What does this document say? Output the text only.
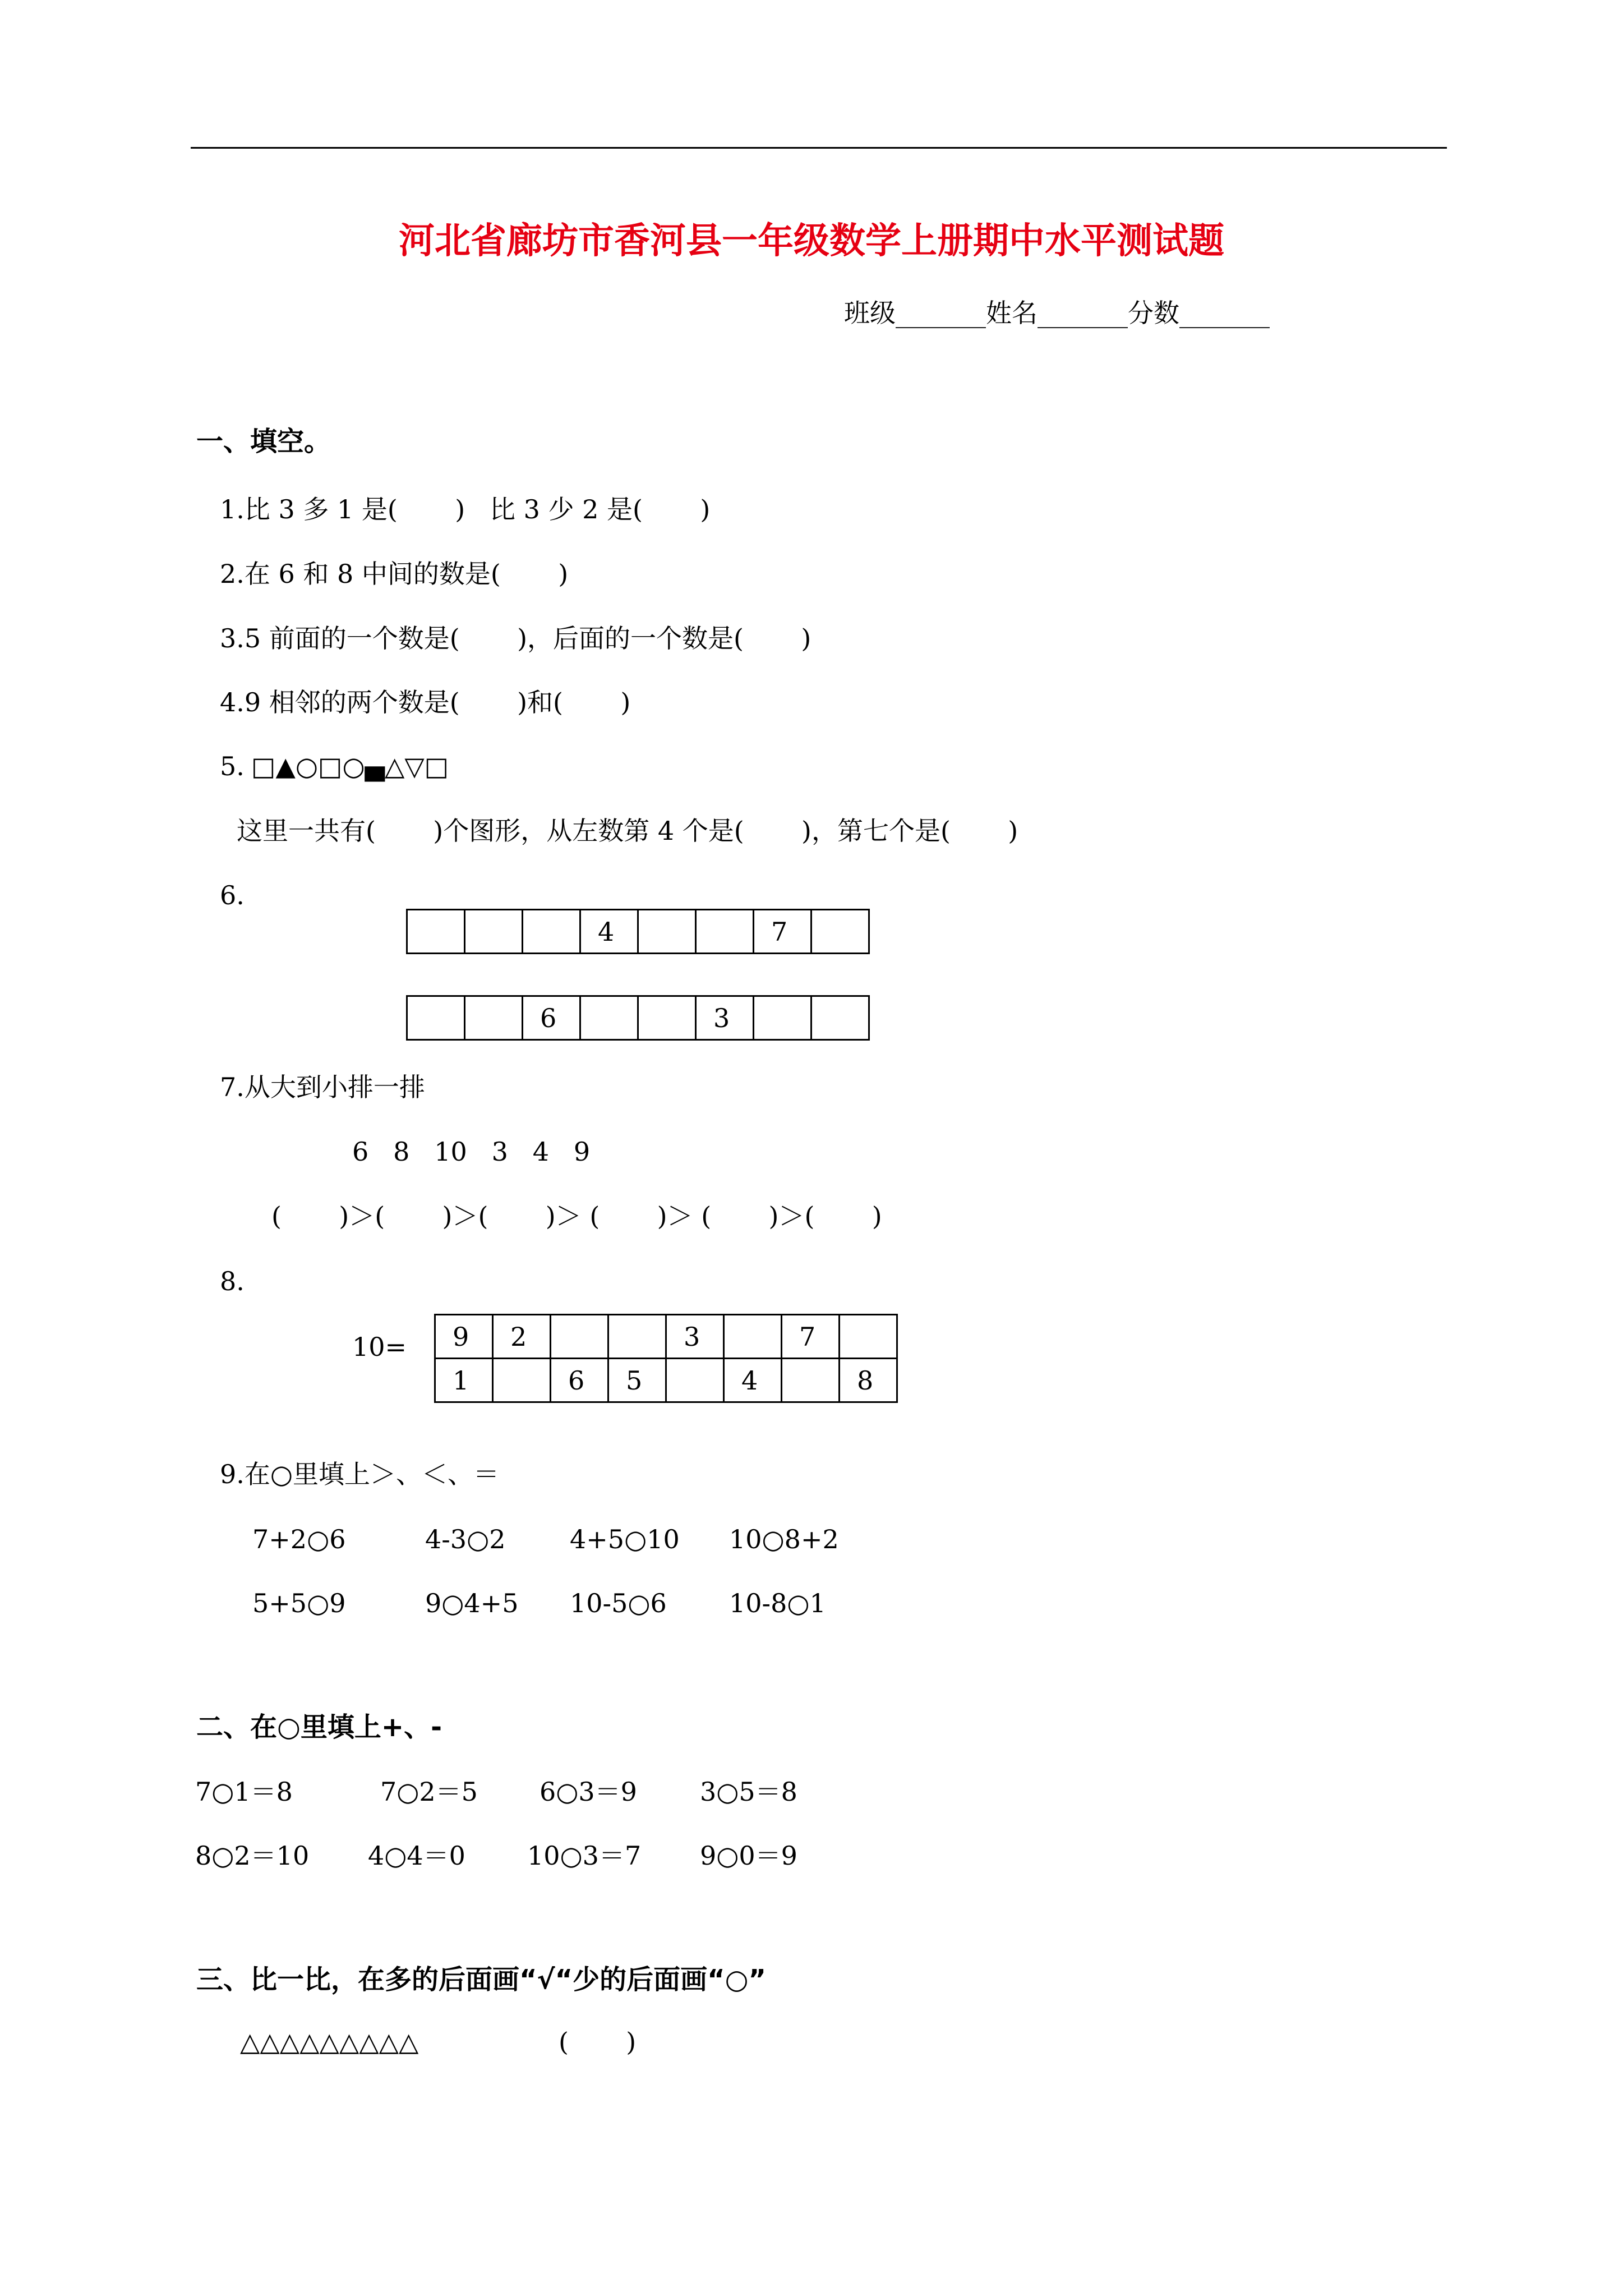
河北省廊坊市香河县一年级数学上册期中水平测试题
班级_______姓名_______分数_______
一、填空。
1.比 3 多 1 是(       )   比 3 少 2 是(       )
2.在 6 和 8 中间的数是(       )
3.5 前面的一个数是(       )，后面的一个数是(       )
4.9 相邻的两个数是(       )和(       )
5. □▲○□○▄△▽□
这里一共有(       )个图形，从左数第 4 个是(       )，第七个是(       )
6.
			4			7	
		6			3		
7.从大到小排一排
6   8   10   3   4   9
(       )＞(       )＞(       )＞ (       )＞ (       )＞(       )
8.
10= 9	2			3		7	
1		6	5		4		8
9.在○里填上＞、＜、＝
7+2○6	4-3○2 4+5○10 10○8+2
5+5○9	9○4+5 10-5○6 10-8○1
二、在○里填上+、-
7○1＝8	7○2＝5 6○3＝9 3○5＝8
8○2＝10 4○4＝0 10○3＝7 9○0＝9
三、比一比，在多的后面画“√“少的后面画“○”
△△△△△△△△△	(       )
